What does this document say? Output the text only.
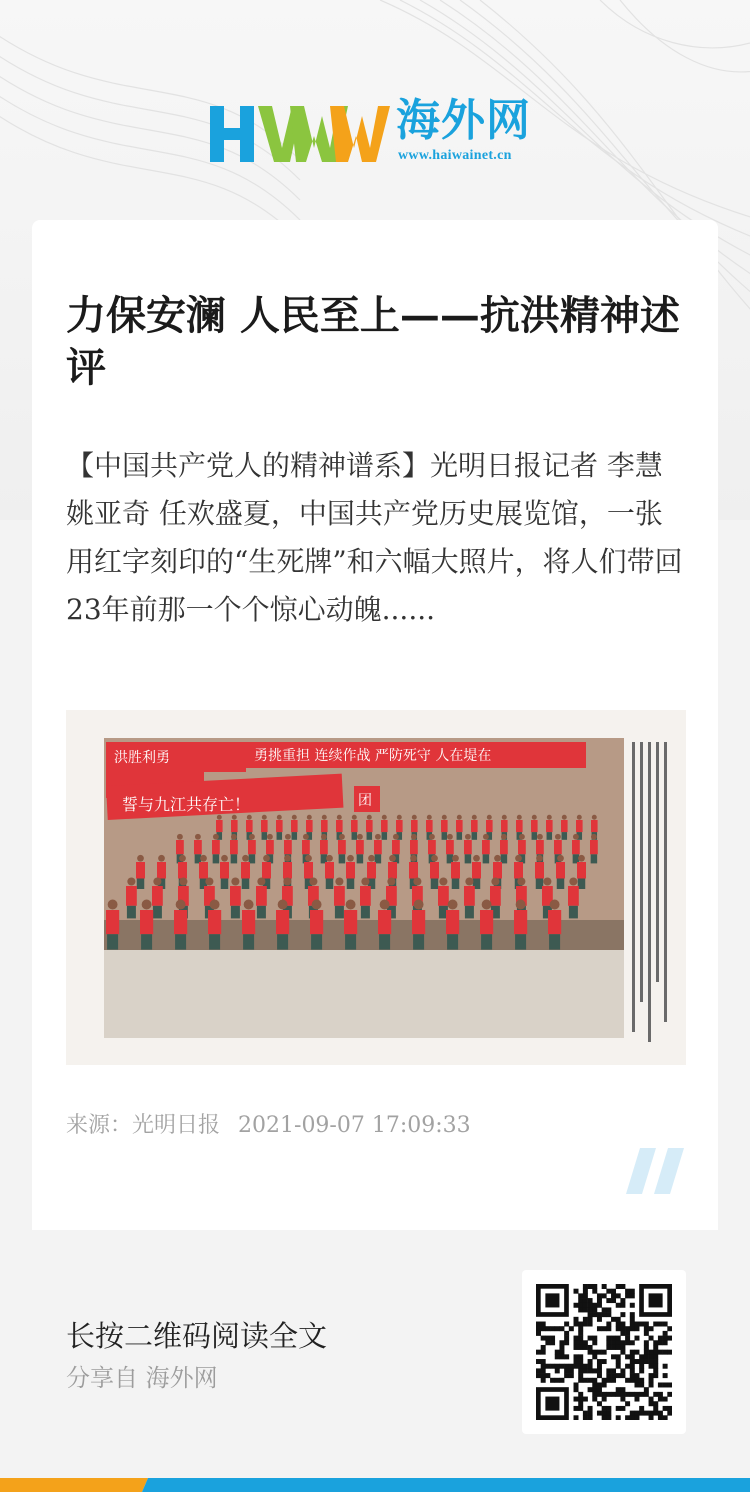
海外网
www.haiwainet.cn
力保安澜 人民至上——抗洪精神述评

【中国共产党人的精神谱系】光明日报记者 李慧 姚亚奇 任欢盛夏，中国共产党历史展览馆，一张用红字刻印的“生死牌”和六幅大照片，将人们带回23年前那一个个惊心动魄......

洪胜利勇	勇挑重担 连续作战 严防死守 人在堤在
誓与九江共存亡！	团
来源：光明日报 2021-09-07 17:09:33
长按二维码阅读全文
分享自 海外网
